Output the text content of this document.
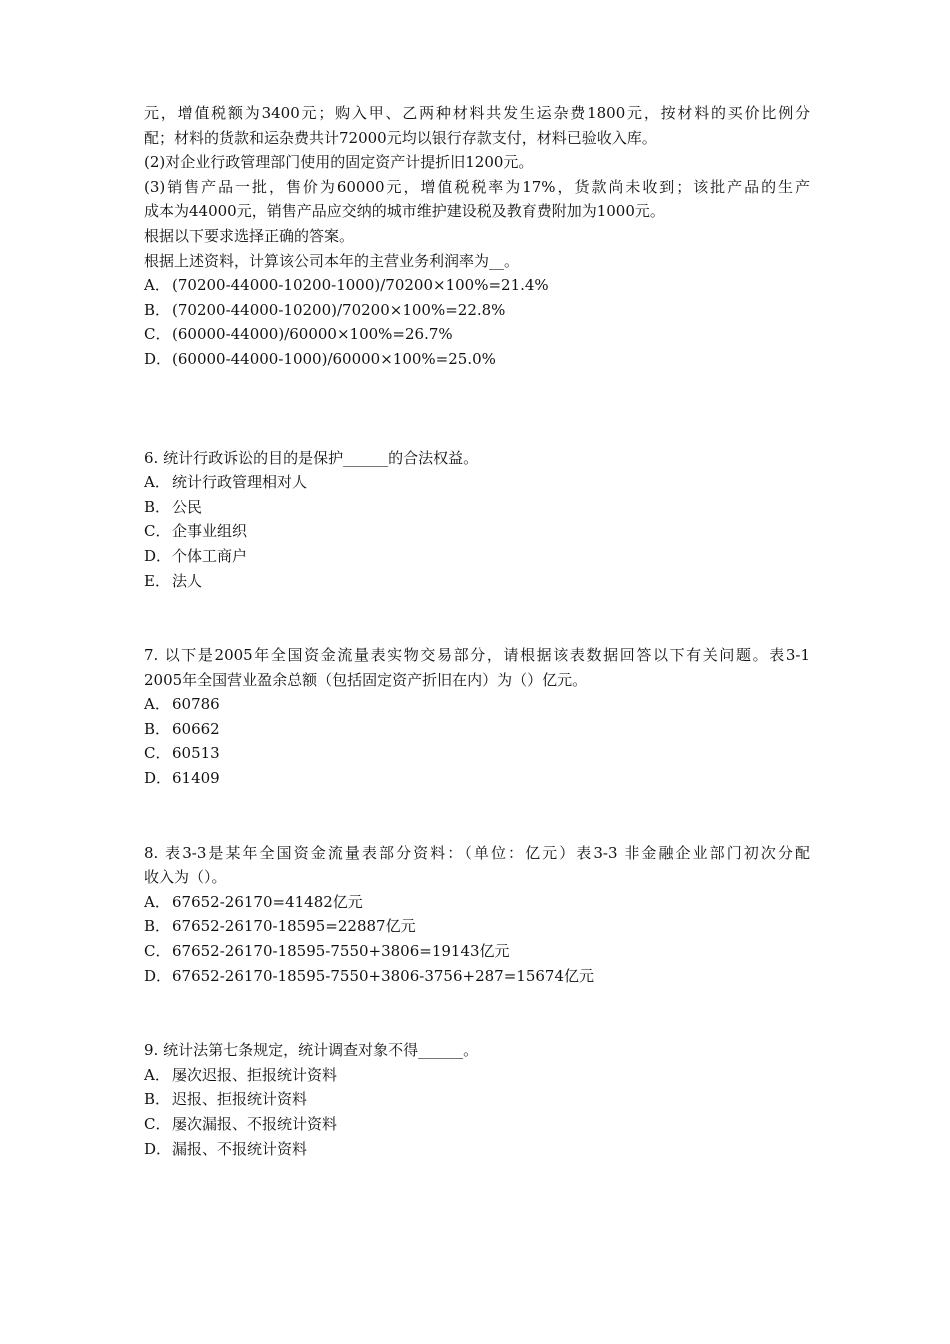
元，增值税额为3400元；购入甲、乙两种材料共发生运杂费1800元，按材料的买价比例分

配；材料的货款和运杂费共计72000元均以银行存款支付，材料已验收入库。

(2)对企业行政管理部门使用的固定资产计提折旧1200元。

(3)销售产品一批，售价为60000元，增值税税率为17%，货款尚未收到；该批产品的生产

成本为44000元，销售产品应交纳的城市维护建设税及教育费附加为1000元。

根据以下要求选择正确的答案。

根据上述资料，计算该公司本年的主营业务利润率为__。

A． (70200-44000-10200-1000)/70200×100%=21.4%
B． (70200-44000-10200)/70200×100%=22.8%
C． (60000-44000)/60000×100%=26.7%
D．(60000-44000-1000)/60000×100%=25.0%

6. 统计行政诉讼的目的是保护______的合法权益。

A． 统计行政管理相对人
B． 公民
C． 企事业组织
D．个体工商户
E． 法人

7. 以下是2005年全国资金流量表实物交易部分，请根据该表数据回答以下有关问题。表3-1

2005年全国营业盈余总额（包括固定资产折旧在内）为（）亿元。

A． 60786
B． 60662
C． 60513
D．61409

8. 表3-3是某年全国资金流量表部分资料：（单位：亿元）表3-3 非金融企业部门初次分配

收入为（）。

A． 67652-26170=41482亿元
B． 67652-26170-18595=22887亿元
C． 67652-26170-18595-7550+3806=19143亿元
D．67652-26170-18595-7550+3806-3756+287=15674亿元

9. 统计法第七条规定，统计调查对象不得______。

A． 屡次迟报、拒报统计资料
B． 迟报、拒报统计资料
C． 屡次漏报、不报统计资料
D．漏报、不报统计资料
